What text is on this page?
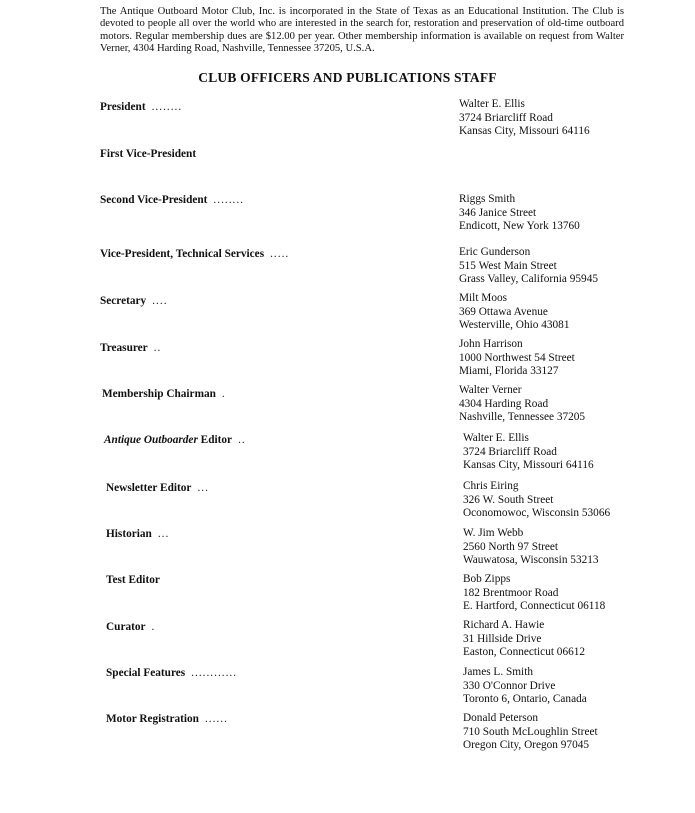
The Antique Outboard Motor Club, Inc. is incorporated in the State of Texas as an Educational Institution. The Club is devoted to people all over the world who are interested in the search for, restoration and preservation of old-time outboard motors. Regular membership dues are $12.00 per year. Other membership information is available on request from Walter Verner, 4304 Harding Road, Nashville, Tennessee 37205, U.S.A.

CLUB OFFICERS AND PUBLICATIONS STAFF
President ........	Walter E. Ellis
3724 Briarcliff Road
Kansas City, Missouri 64116
First Vice-President
Second Vice-President ........	Riggs Smith
346 Janice Street
Endicott, New York 13760
Vice-President, Technical Services .....	Eric Gunderson
515 West Main Street
Grass Valley, California 95945
Secretary ....	Milt Moos
369 Ottawa Avenue
Westerville, Ohio 43081
Treasurer ..	John Harrison
1000 Northwest 54 Street
Miami, Florida 33127
Membership Chairman .	Walter Verner
4304 Harding Road
Nashville, Tennessee 37205
Antique Outboarder Editor ..	Walter E. Ellis
3724 Briarcliff Road
Kansas City, Missouri 64116
Newsletter Editor ...	Chris Eiring
326 W. South Street
Oconomowoc, Wisconsin 53066
Historian ...	W. Jim Webb
2560 North 97 Street
Wauwatosa, Wisconsin 53213
Test Editor	Bob Zipps
182 Brentmoor Road
E. Hartford, Connecticut 06118
Curator .	Richard A. Hawie
31 Hillside Drive
Easton, Connecticut 06612
Special Features ............	James L. Smith
330 O'Connor Drive
Toronto 6, Ontario, Canada
Motor Registration ......	Donald Peterson
710 South McLoughlin Street
Oregon City, Oregon 97045
